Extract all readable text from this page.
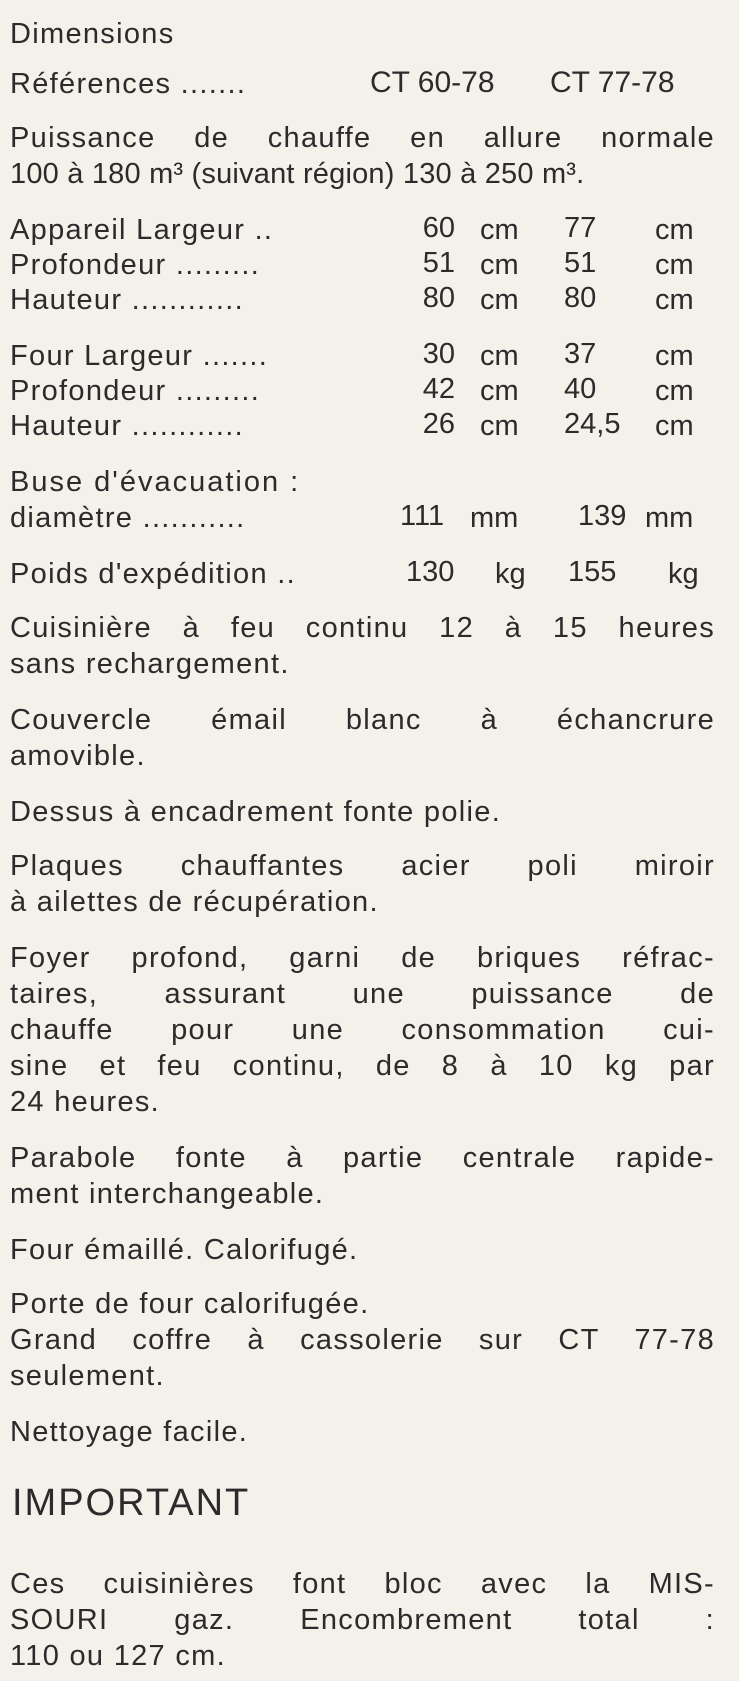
Dimensions
Références .......	CT 60-78 CT 77-78
Puissance de chauffe en allure normale
100 à 180 m³ (suivant région) 130 à 250 m³.
Appareil Largeur ..	60 cm 77 cm
Profondeur .........	51 cm 51 cm
Hauteur ............	80 cm 80 cm
Four Largeur .......	30 cm 37 cm
Profondeur .........	42 cm 40 cm
Hauteur ............	26 cm 24,5 cm
Buse d'évacuation :
diamètre ...........	111 mm 139 mm
Poids d'expédition ..	130 kg 155 kg
Cuisinière à feu continu 12 à 15 heures
sans rechargement.
Couvercle émail blanc à échancrure
amovible.
Dessus à encadrement fonte polie.
Plaques chauffantes acier poli miroir
à ailettes de récupération.
Foyer profond, garni de briques réfrac-
taires, assurant une puissance de
chauffe pour une consommation cui-
sine et feu continu, de 8 à 10 kg par
24 heures.
Parabole fonte à partie centrale rapide-
ment interchangeable.
Four émaillé. Calorifugé.
Porte de four calorifugée.
Grand coffre à cassolerie sur CT 77-78
seulement.
Nettoyage facile.
IMPORTANT
Ces cuisinières font bloc avec la MIS-
SOURI gaz. Encombrement total :
110 ou 127 cm.
